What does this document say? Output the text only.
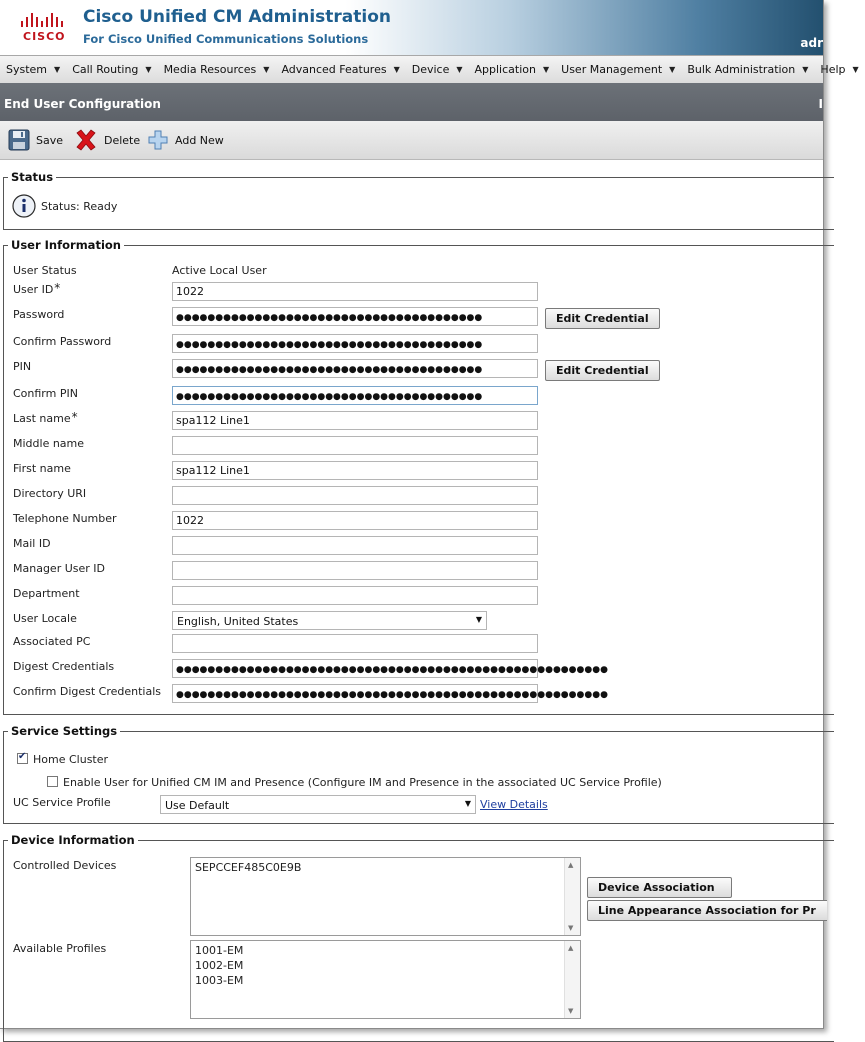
CISCO
Cisco Unified CM Administration
For Cisco Unified Communications Solutions	adr
System ▼ Call Routing ▼ Media Resources ▼ Advanced Features ▼ Device ▼ Application ▼ User Management ▼ Bulk Administration ▼ Help ▼
End User Configuration	I
Save	Delete	Add New
Status
Status: Ready
User Information
User Status	Active Local User
User ID*	1022
Password	●●●●●●●●●●●●●●●●●●●●●●●●●●●●●●●●●●●●●●●	Edit Credential
Confirm Password	●●●●●●●●●●●●●●●●●●●●●●●●●●●●●●●●●●●●●●●
PIN	●●●●●●●●●●●●●●●●●●●●●●●●●●●●●●●●●●●●●●●	Edit Credential
Confirm PIN	●●●●●●●●●●●●●●●●●●●●●●●●●●●●●●●●●●●●●●●
Last name*	spa112 Line1
Middle name
First name	spa112 Line1
Directory URI
Telephone Number	1022
Mail ID
Manager User ID
Department
User Locale	English, United States	▼
Associated PC
Digest Credentials	●●●●●●●●●●●●●●●●●●●●●●●●●●●●●●●●●●●●●●●●●●●●●●●●●●●●●●●
Confirm Digest Credentials	●●●●●●●●●●●●●●●●●●●●●●●●●●●●●●●●●●●●●●●●●●●●●●●●●●●●●●●
Service Settings
✔
Home Cluster
Enable User for Unified CM IM and Presence (Configure IM and Presence in the associated UC Service Profile)
UC Service Profile	Use Default	▼ View Details
Device Information
Controlled Devices	SEPCCEF485C0E9B	▲
▼
Device Association
Line Appearance Association for Pr
Available Profiles	1001-EM
1002-EM
1003-EM
▲
▼
